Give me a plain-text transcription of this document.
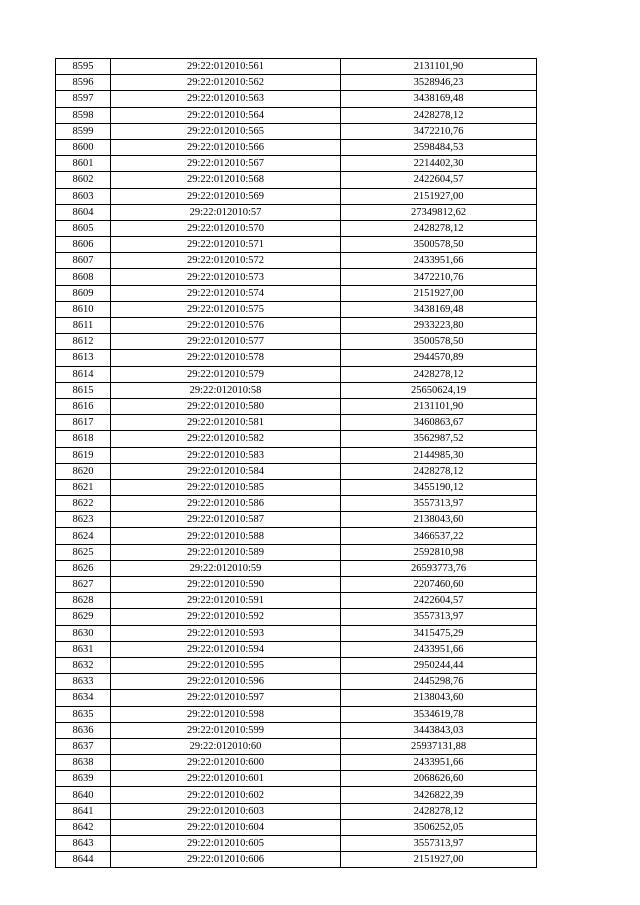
8595	29:22:012010:561	2131101,90
8596	29:22:012010:562	3528946,23
8597	29:22:012010:563	3438169,48
8598	29:22:012010:564	2428278,12
8599	29:22:012010:565	3472210,76
8600	29:22:012010:566	2598484,53
8601	29:22:012010:567	2214402,30
8602	29:22:012010:568	2422604,57
8603	29:22:012010:569	2151927,00
8604	29:22:012010:57	27349812,62
8605	29:22:012010:570	2428278,12
8606	29:22:012010:571	3500578,50
8607	29:22:012010:572	2433951,66
8608	29:22:012010:573	3472210,76
8609	29:22:012010:574	2151927,00
8610	29:22:012010:575	3438169,48
8611	29:22:012010:576	2933223,80
8612	29:22:012010:577	3500578,50
8613	29:22:012010:578	2944570,89
8614	29:22:012010:579	2428278,12
8615	29:22:012010:58	25650624,19
8616	29:22:012010:580	2131101,90
8617	29:22:012010:581	3460863,67
8618	29:22:012010:582	3562987,52
8619	29:22:012010:583	2144985,30
8620	29:22:012010:584	2428278,12
8621	29:22:012010:585	3455190,12
8622	29:22:012010:586	3557313,97
8623	29:22:012010:587	2138043,60
8624	29:22:012010:588	3466537,22
8625	29:22:012010:589	2592810,98
8626	29:22:012010:59	26593773,76
8627	29:22:012010:590	2207460,60
8628	29:22:012010:591	2422604,57
8629	29:22:012010:592	3557313,97
8630	29:22:012010:593	3415475,29
8631	29:22:012010:594	2433951,66
8632	29:22:012010:595	2950244,44
8633	29:22:012010:596	2445298,76
8634	29:22:012010:597	2138043,60
8635	29:22:012010:598	3534619,78
8636	29:22:012010:599	3443843,03
8637	29:22:012010:60	25937131,88
8638	29:22:012010:600	2433951,66
8639	29:22:012010:601	2068626,60
8640	29:22:012010:602	3426822,39
8641	29:22:012010:603	2428278,12
8642	29:22:012010:604	3506252,05
8643	29:22:012010:605	3557313,97
8644	29:22:012010:606	2151927,00
